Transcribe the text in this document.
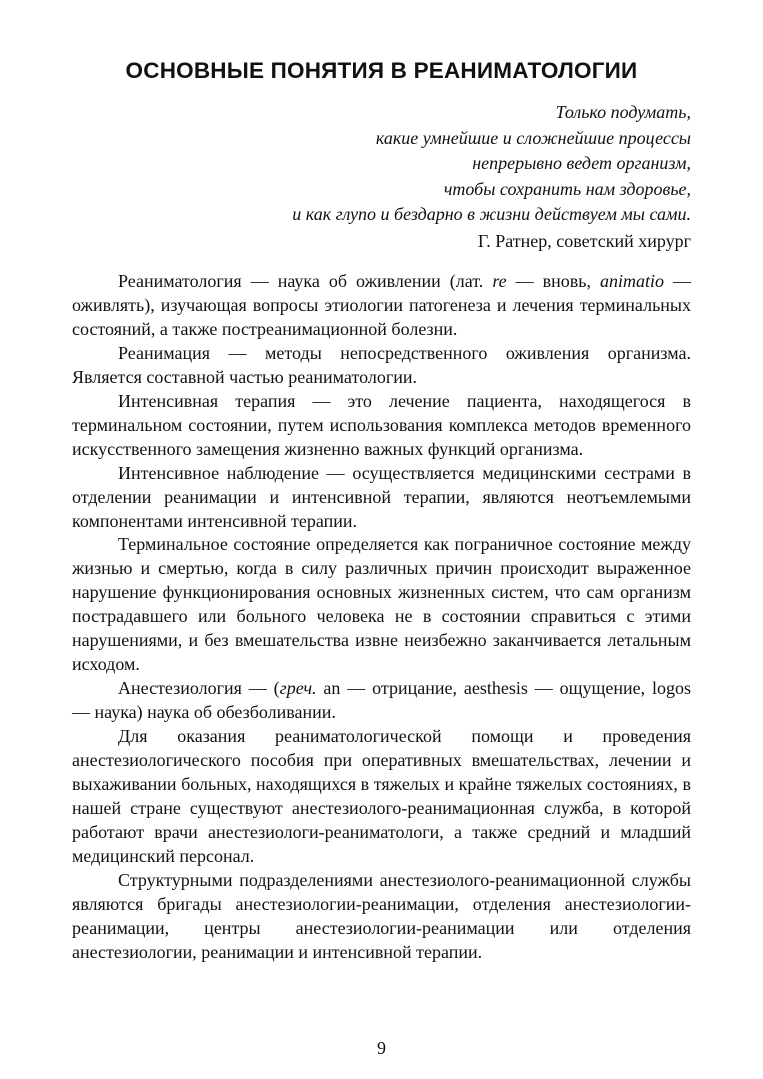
ОСНОВНЫЕ ПОНЯТИЯ В РЕАНИМАТОЛОГИИ
Только подумать,
какие умнейшие и сложнейшие процессы
непрерывно ведет организм,
чтобы сохранить нам здоровье,
и как глупо и бездарно в жизни действуем мы сами.
Г. Ратнер, советский хирург

Реаниматология — наука об оживлении (лат. re — вновь, animatio — оживлять), изучающая вопросы этиологии патогенеза и лечения терминальных состояний, а также постреанимационной болезни.

Реанимация — методы непосредственного оживления организма. Является составной частью реаниматологии.

Интенсивная терапия — это лечение пациента, находящегося в терминальном состоянии, путем использования комплекса методов временного искусственного замещения жизненно важных функций организма.

Интенсивное наблюдение — осуществляется медицинскими сестрами в отделении реанимации и интенсивной терапии, являются неотъемлемыми компонентами интенсивной терапии.

Терминальное состояние определяется как пограничное состояние между жизнью и смертью, когда в силу различных причин происходит выраженное нарушение функционирования основных жизненных систем, что сам организм пострадавшего или больного человека не в состоянии справиться с этими нарушениями, и без вмешательства извне неизбежно заканчивается летальным исходом.

Анестезиология — (греч. an — отрицание, aesthesis — ощущение, logos — наука) наука об обезболивании.

Для оказания реаниматологической помощи и проведения анестезиологического пособия при оперативных вмешательствах, лечении и выхаживании больных, находящихся в тяжелых и крайне тяжелых состояниях, в нашей стране существуют анестезиолого-реанимационная служба, в которой работают врачи анестезиологи-реаниматологи, а также средний и младший медицинский персонал.

Структурными подразделениями анестезиолого-реанимационной службы являются бригады анестезиологии-реанимации, отделения анестезиологии-реанимации, центры анестезиологии-реанимации или отделения анестезиологии, реанимации и интенсивной терапии.

9
